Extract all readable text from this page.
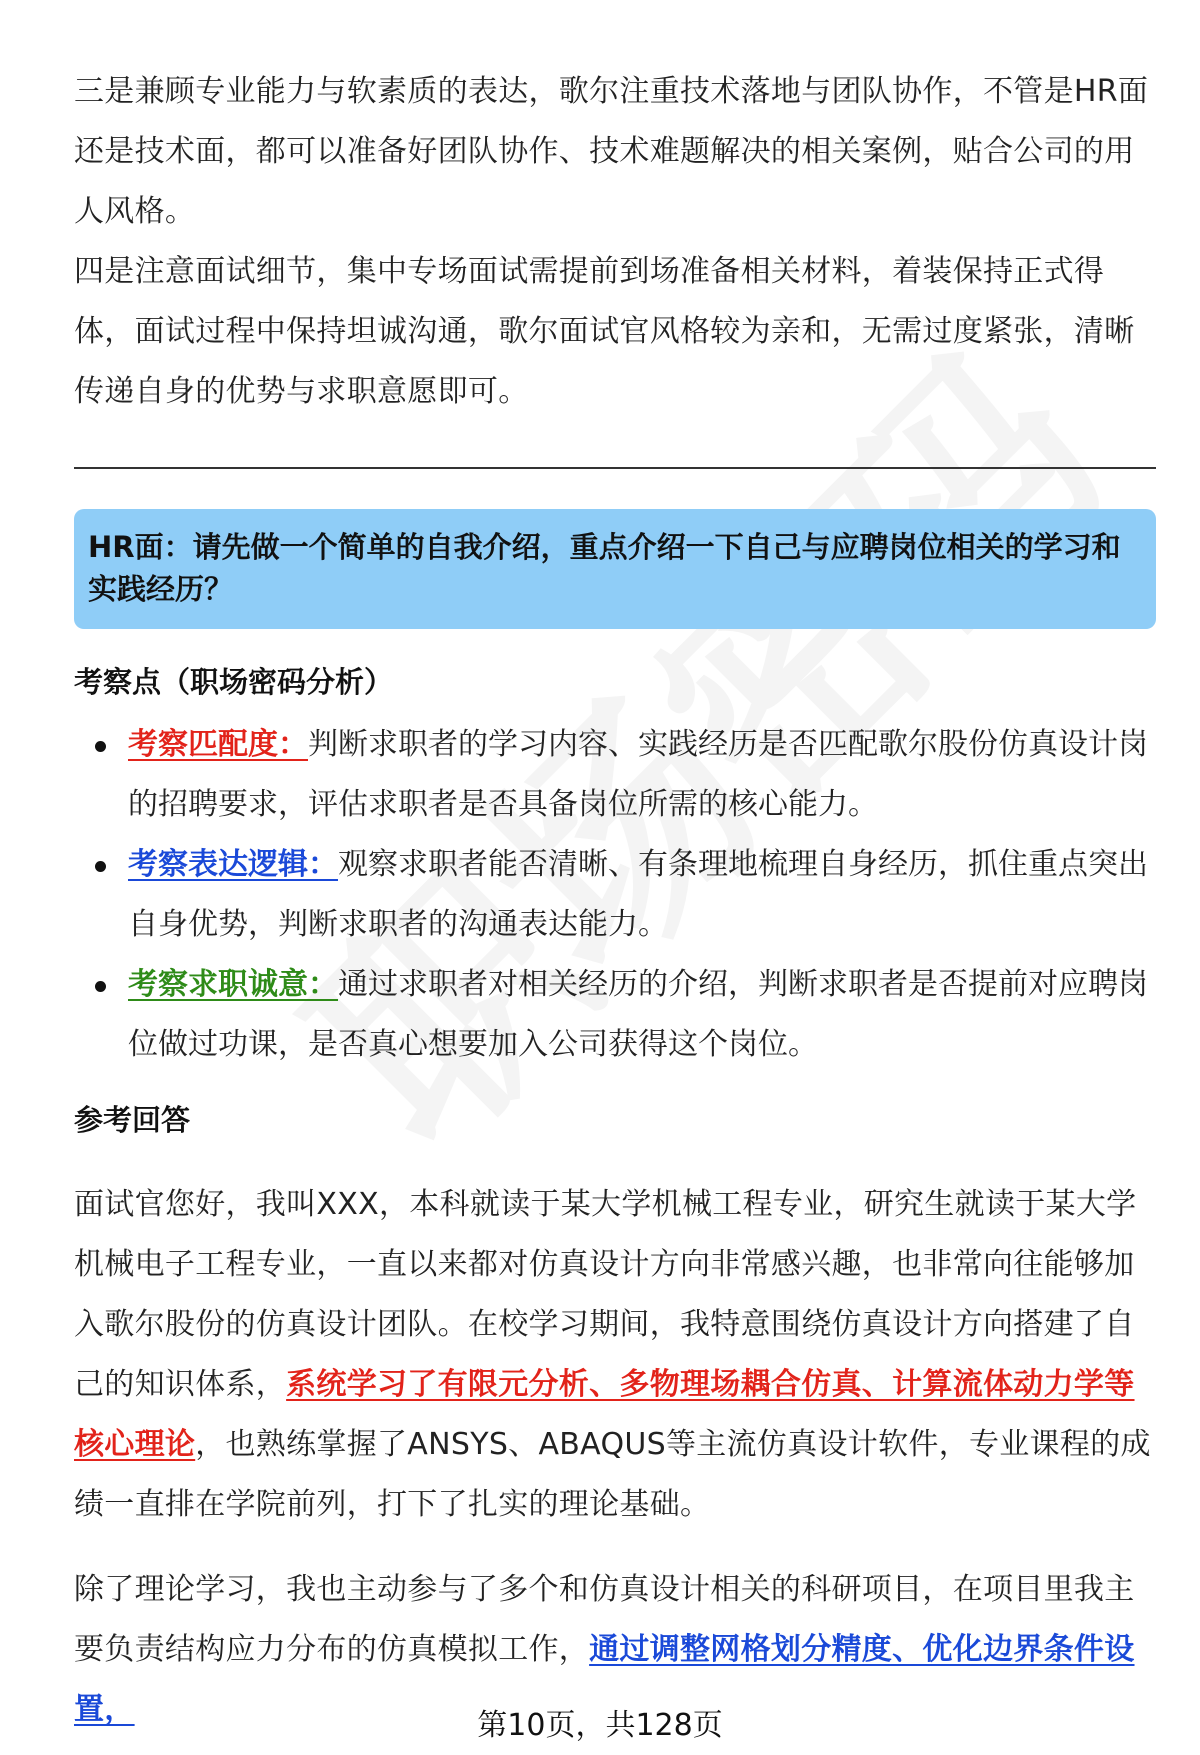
三是兼顾专业能力与软素质的表达，歌尔注重技术落地与团队协作，不管是HR面还是技术面，都可以准备好团队协作、技术难题解决的相关案例，贴合公司的用人风格。

四是注意面试细节，集中专场面试需提前到场准备相关材料，着装保持正式得体，面试过程中保持坦诚沟通，歌尔面试官风格较为亲和，无需过度紧张，清晰传递自身的优势与求职意愿即可。

HR面：请先做一个简单的自我介绍，重点介绍一下自己与应聘岗位相关的学习和实践经历？

考察点（职场密码分析）
考察匹配度：判断求职者的学习内容、实践经历是否匹配歌尔股份仿真设计岗的招聘要求，评估求职者是否具备岗位所需的核心能力。
考察表达逻辑：观察求职者能否清晰、有条理地梳理自身经历，抓住重点突出自身优势，判断求职者的沟通表达能力。
考察求职诚意：通过求职者对相关经历的介绍，判断求职者是否提前对应聘岗位做过功课，是否真心想要加入公司获得这个岗位。
参考回答

面试官您好，我叫XXX，本科就读于某大学机械工程专业，研究生就读于某大学机械电子工程专业，一直以来都对仿真设计方向非常感兴趣，也非常向往能够加入歌尔股份的仿真设计团队。在校学习期间，我特意围绕仿真设计方向搭建了自己的知识体系，系统学习了有限元分析、多物理场耦合仿真、计算流体动力学等核心理论，也熟练掌握了ANSYS、ABAQUS等主流仿真设计软件，专业课程的成绩一直排在学院前列，打下了扎实的理论基础。

除了理论学习，我也主动参与了多个和仿真设计相关的科研项目，在项目里我主要负责结构应力分布的仿真模拟工作，通过调整网格划分精度、优化边界条件设置，	第10页，共128页
